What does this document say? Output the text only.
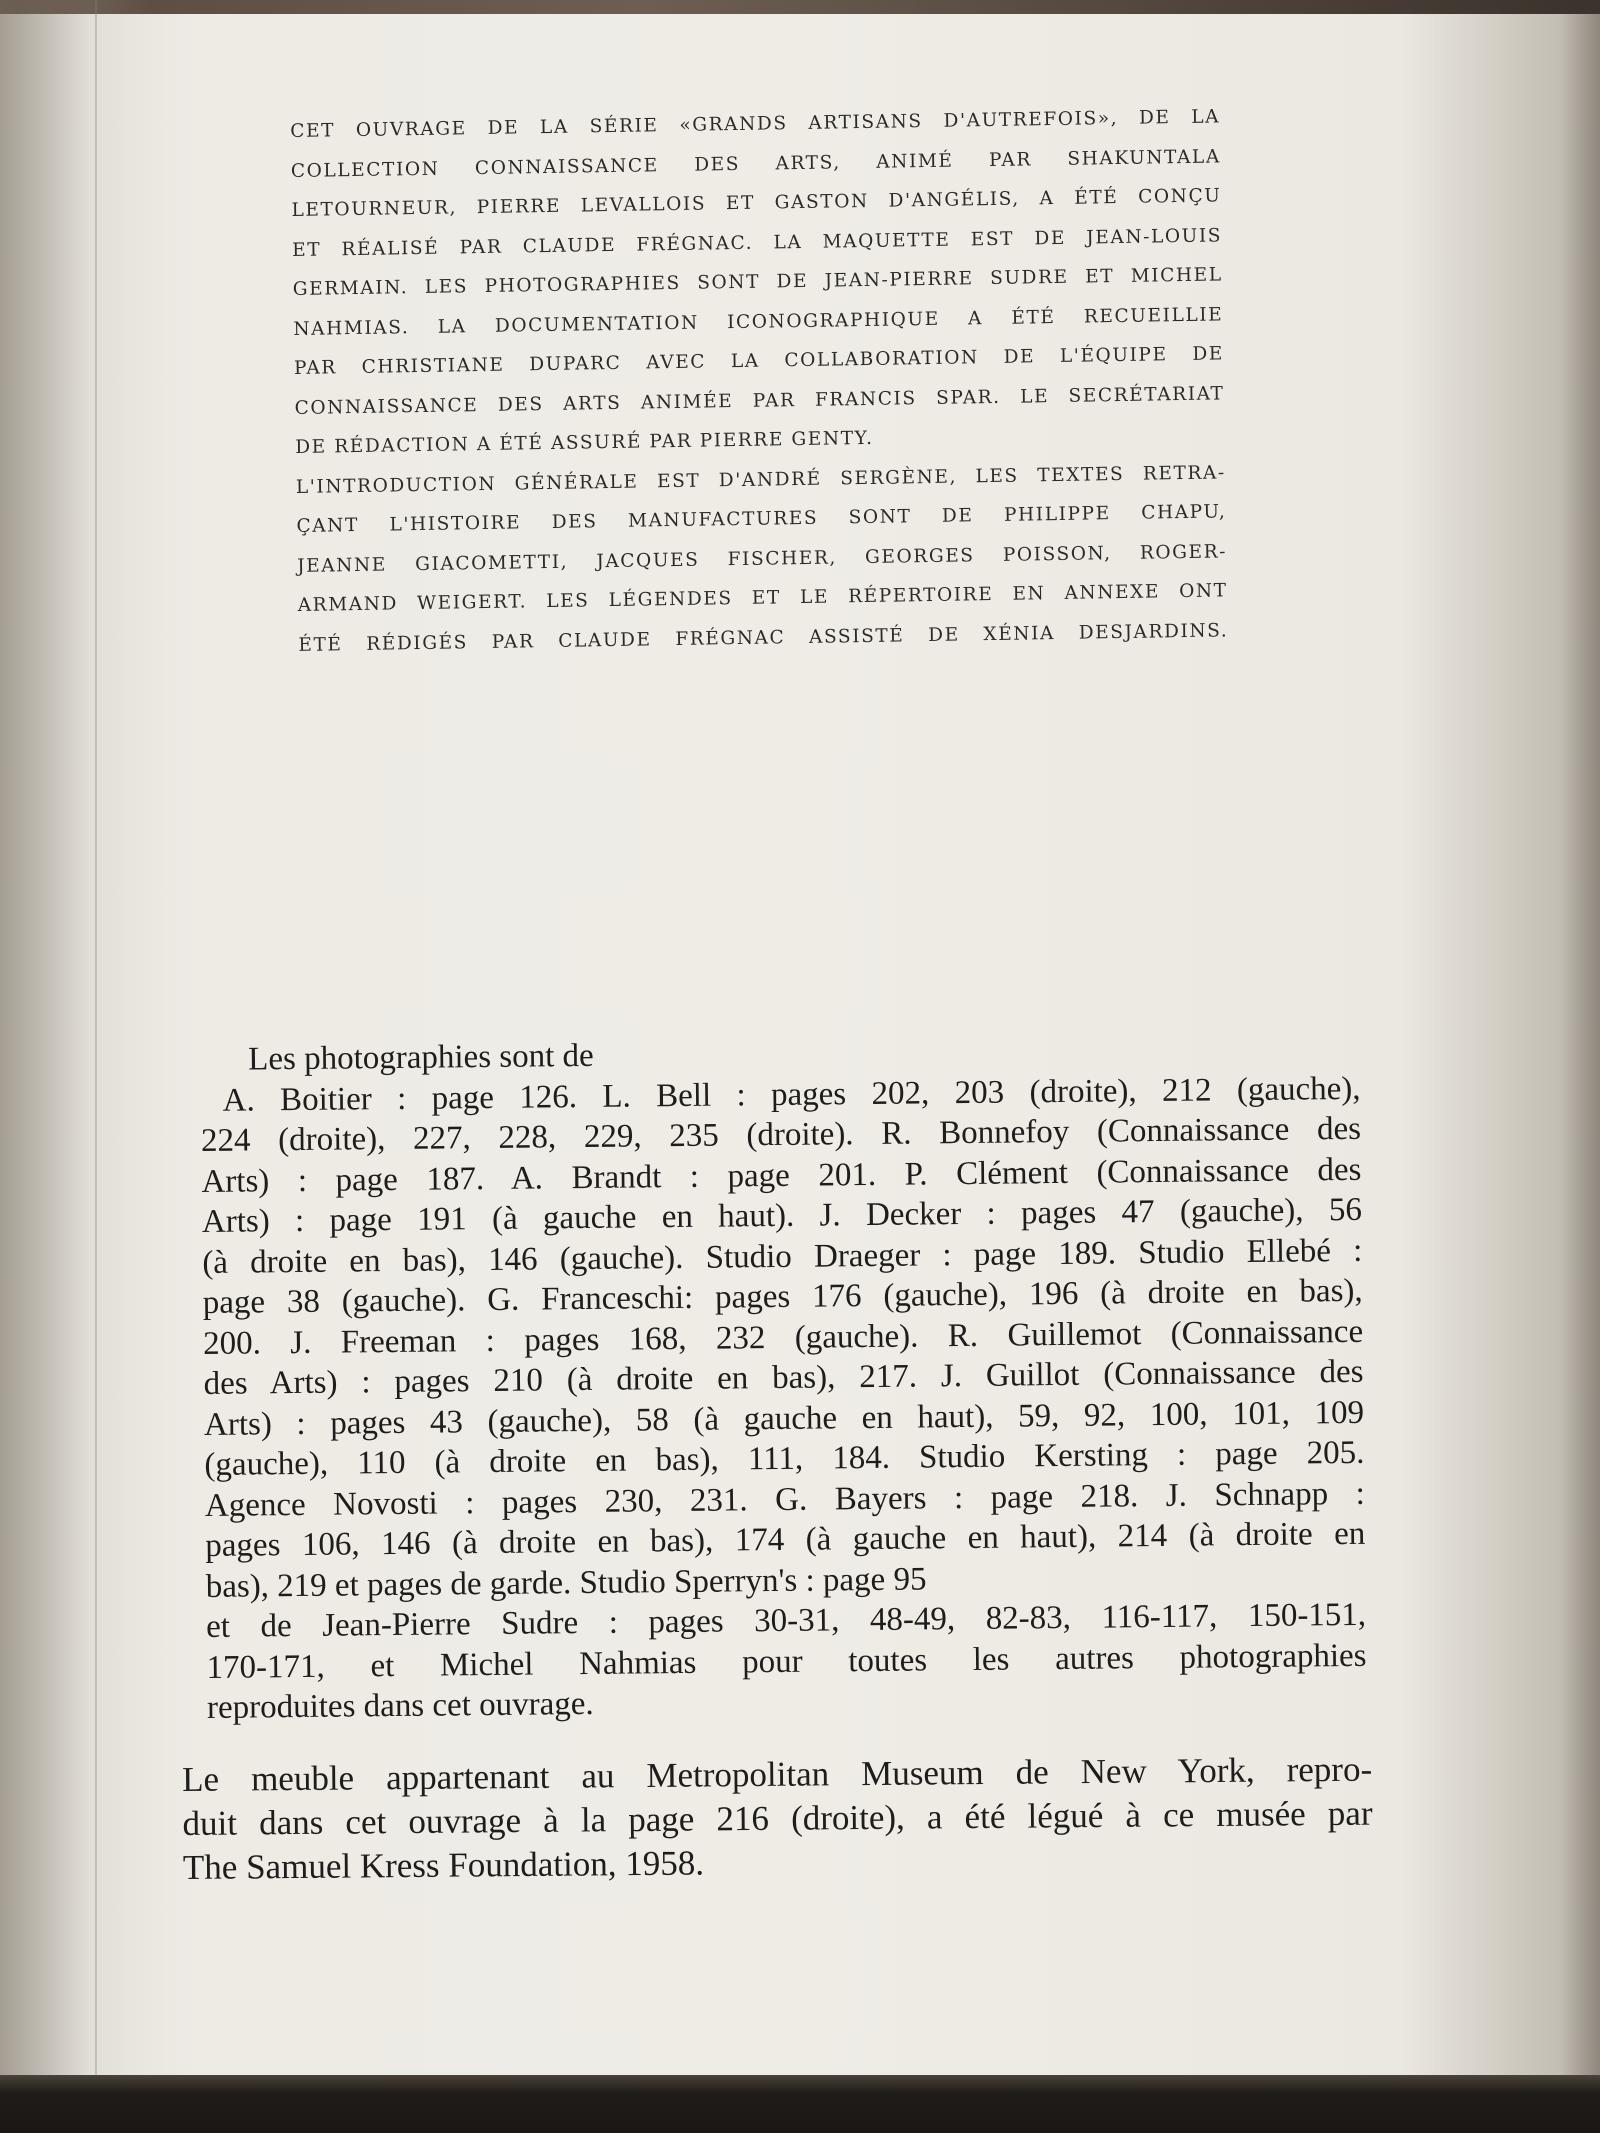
CET OUVRAGE DE LA SÉRIE «GRANDS ARTISANS D'AUTREFOIS», DE LA
COLLECTION CONNAISSANCE DES ARTS, ANIMÉ PAR SHAKUNTALA
LETOURNEUR, PIERRE LEVALLOIS ET GASTON D'ANGÉLIS, A ÉTÉ CONÇU
ET RÉALISÉ PAR CLAUDE FRÉGNAC. LA MAQUETTE EST DE JEAN-LOUIS
GERMAIN. LES PHOTOGRAPHIES SONT DE JEAN-PIERRE SUDRE ET MICHEL
NAHMIAS. LA DOCUMENTATION ICONOGRAPHIQUE A ÉTÉ RECUEILLIE
PAR CHRISTIANE DUPARC AVEC LA COLLABORATION DE L'ÉQUIPE DE
CONNAISSANCE DES ARTS ANIMÉE PAR FRANCIS SPAR. LE SECRÉTARIAT
DE RÉDACTION A ÉTÉ ASSURÉ PAR PIERRE GENTY.
L'INTRODUCTION GÉNÉRALE EST D'ANDRÉ SERGÈNE, LES TEXTES RETRA-
ÇANT L'HISTOIRE DES MANUFACTURES SONT DE PHILIPPE CHAPU,
JEANNE GIACOMETTI, JACQUES FISCHER, GEORGES POISSON, ROGER-
ARMAND WEIGERT. LES LÉGENDES ET LE RÉPERTOIRE EN ANNEXE ONT
ÉTÉ RÉDIGÉS PAR CLAUDE FRÉGNAC ASSISTÉ DE XÉNIA DESJARDINS.
Les photographies sont de
A. Boitier : page 126. L. Bell : pages 202, 203 (droite), 212 (gauche),
224 (droite), 227, 228, 229, 235 (droite). R. Bonnefoy (Connaissance des
Arts) : page 187. A. Brandt : page 201. P. Clément (Connaissance des
Arts) : page 191 (à gauche en haut). J. Decker : pages 47 (gauche), 56
(à droite en bas), 146 (gauche). Studio Draeger : page 189. Studio Ellebé :
page 38 (gauche). G. Franceschi: pages 176 (gauche), 196 (à droite en bas),
200. J. Freeman : pages 168, 232 (gauche). R. Guillemot (Connaissance
des Arts) : pages 210 (à droite en bas), 217. J. Guillot (Connaissance des
Arts) : pages 43 (gauche), 58 (à gauche en haut), 59, 92, 100, 101, 109
(gauche), 110 (à droite en bas), 111, 184. Studio Kersting : page 205.
Agence Novosti : pages 230, 231. G. Bayers : page 218. J. Schnapp :
pages 106, 146 (à droite en bas), 174 (à gauche en haut), 214 (à droite en
bas), 219 et pages de garde. Studio Sperryn's : page 95
et de Jean-Pierre Sudre : pages 30-31, 48-49, 82-83, 116-117, 150-151,
170-171, et Michel Nahmias pour toutes les autres photographies
reproduites dans cet ouvrage.
Le meuble appartenant au Metropolitan Museum de New York, repro-
duit dans cet ouvrage à la page 216 (droite), a été légué à ce musée par
The Samuel Kress Foundation, 1958.
